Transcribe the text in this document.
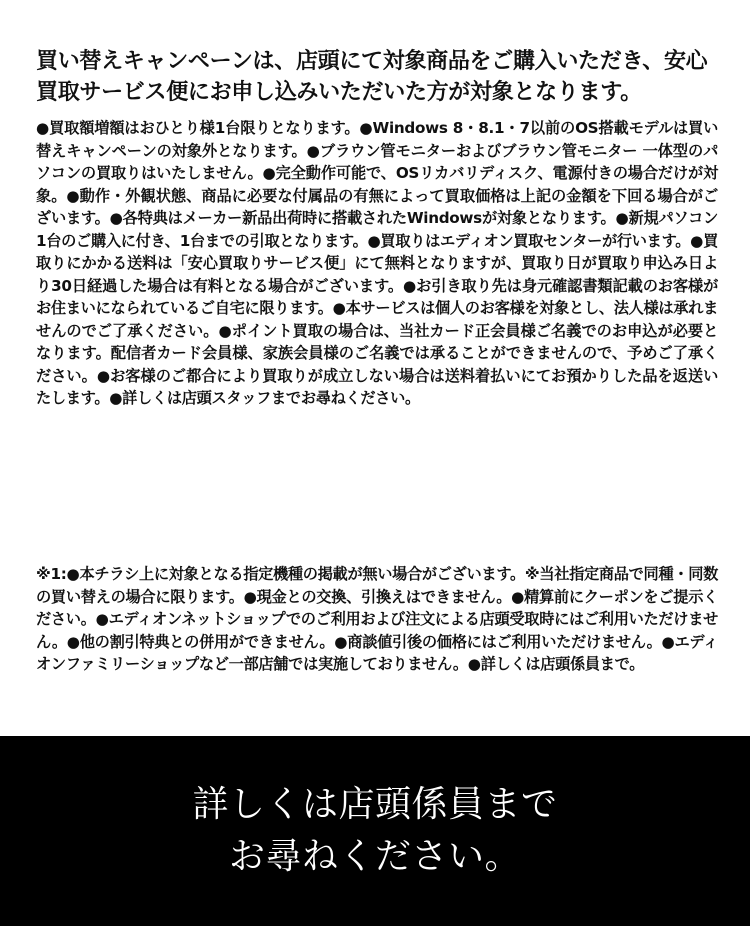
買い替えキャンペーンは、店頭にて対象商品をご購入いただき、安心買取サービス便にお申し込みいただいた方が対象となります。

●買取額増額はおひとり様1台限りとなります。●Windows 8・8.1・7以前のOS搭載モデルは買い替えキャンペーンの対象外となります。●ブラウン管モニターおよびブラウン管モニター 一体型のパソコンの買取りはいたしません。●完全動作可能で、OSリカバリディスク、電源付きの場合だけが対象。●動作・外観状態、商品に必要な付属品の有無によって買取価格は上記の金額を下回る場合がございます。●各特典はメーカー新品出荷時に搭載されたWindowsが対象となります。●新規パソコン1台のご購入に付き、1台までの引取となります。●買取りはエディオン買取センターが行います。●買取りにかかる送料は「安心買取りサービス便」にて無料となりますが、買取り日が買取り申込み日より30日経過した場合は有料となる場合がございます。●お引き取り先は身元確認書類記載のお客様がお住まいになられているご自宅に限ります。●本サービスは個人のお客様を対象とし、法人様は承れませんのでご了承ください。●ポイント買取の場合は、当社カード正会員様ご名義でのお申込が必要となります。配信者カード会員様、家族会員様のご名義では承ることができませんので、予めご了承ください。●お客様のご都合により買取りが成立しない場合は送料着払いにてお預かりした品を返送いたします。●詳しくは店頭スタッフまでお尋ねください。

※1:●本チラシ上に対象となる指定機種の掲載が無い場合がございます。※当社指定商品で同種・同数の買い替えの場合に限ります。●現金との交換、引換えはできません。●精算前にクーポンをご提示ください。●エディオンネットショップでのご利用および注文による店頭受取時にはご利用いただけません。●他の割引特典との併用ができません。●商談値引後の価格にはご利用いただけません。●エディオンファミリーショップなど一部店舗では実施しておりません。●詳しくは店頭係員まで。

詳しくは店頭係員まで
お尋ねください。
